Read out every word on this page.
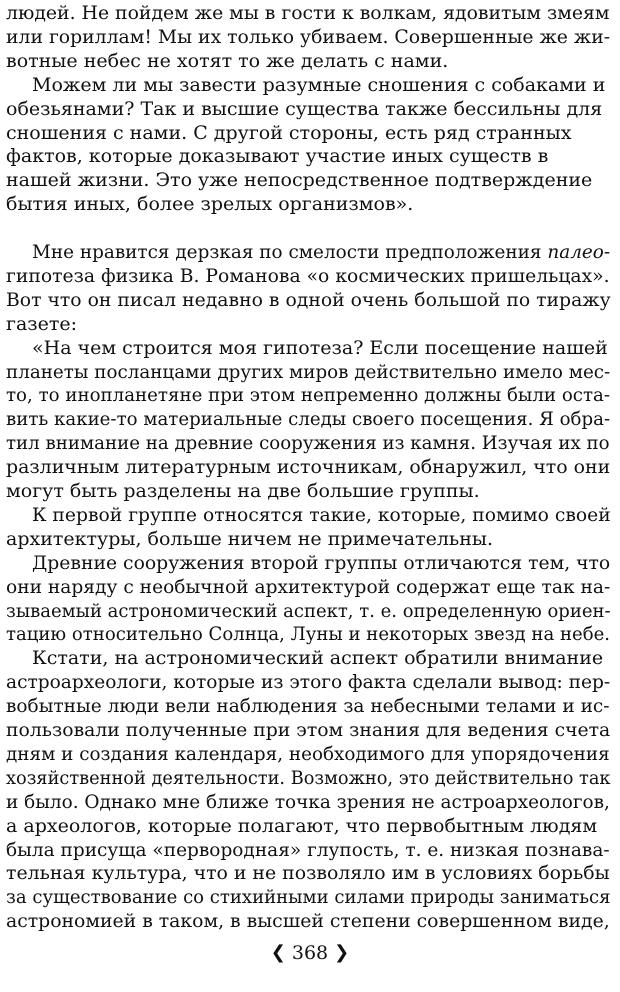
людей. Не пойдем же мы в гости к волкам, ядовитым змеям
или гориллам! Мы их только убиваем. Совершенные же жи-
вотные небес не хотят то же делать с нами.
Можем ли мы завести разумные сношения с собаками и
обезьянами? Так и высшие существа также бессильны для
сношения с нами. С другой стороны, есть ряд странных
фактов, которые доказывают участие иных существ в
нашей жизни. Это уже непосредственное подтверждение
бытия иных, более зрелых организмов».
Мне нравится дерзкая по смелости предположения палео-
гипотеза физика В. Романова «о космических пришельцах».
Вот что он писал недавно в одной очень большой по тиражу
газете:
«На чем строится моя гипотеза? Если посещение нашей
планеты посланцами других миров действительно имело мес-
то, то инопланетяне при этом непременно должны были оста-
вить какие-то материальные следы своего посещения. Я обра-
тил внимание на древние сооружения из камня. Изучая их по
различным литературным источникам, обнаружил, что они
могут быть разделены на две большие группы.
К первой группе относятся такие, которые, помимо своей
архитектуры, больше ничем не примечательны.
Древние сооружения второй группы отличаются тем, что
они наряду с необычной архитектурой содержат еще так на-
зываемый астрономический аспект, т. е. определенную ориен-
тацию относительно Солнца, Луны и некоторых звезд на небе.
Кстати, на астрономический аспект обратили внимание
астроархеологи, которые из этого факта сделали вывод: пер-
вобытные люди вели наблюдения за небесными телами и ис-
пользовали полученные при этом знания для ведения счета
дням и создания календаря, необходимого для упорядочения
хозяйственной деятельности. Возможно, это действительно так
и было. Однако мне ближе точка зрения не астроархеологов,
а археологов, которые полагают, что первобытным людям
была присуща «первородная» глупость, т. е. низкая познава-
тельная культура, что и не позволяло им в условиях борьбы
за существование со стихийными силами природы заниматься
астрономией в таком, в высшей степени совершенном виде,
❮ 368 ❯
